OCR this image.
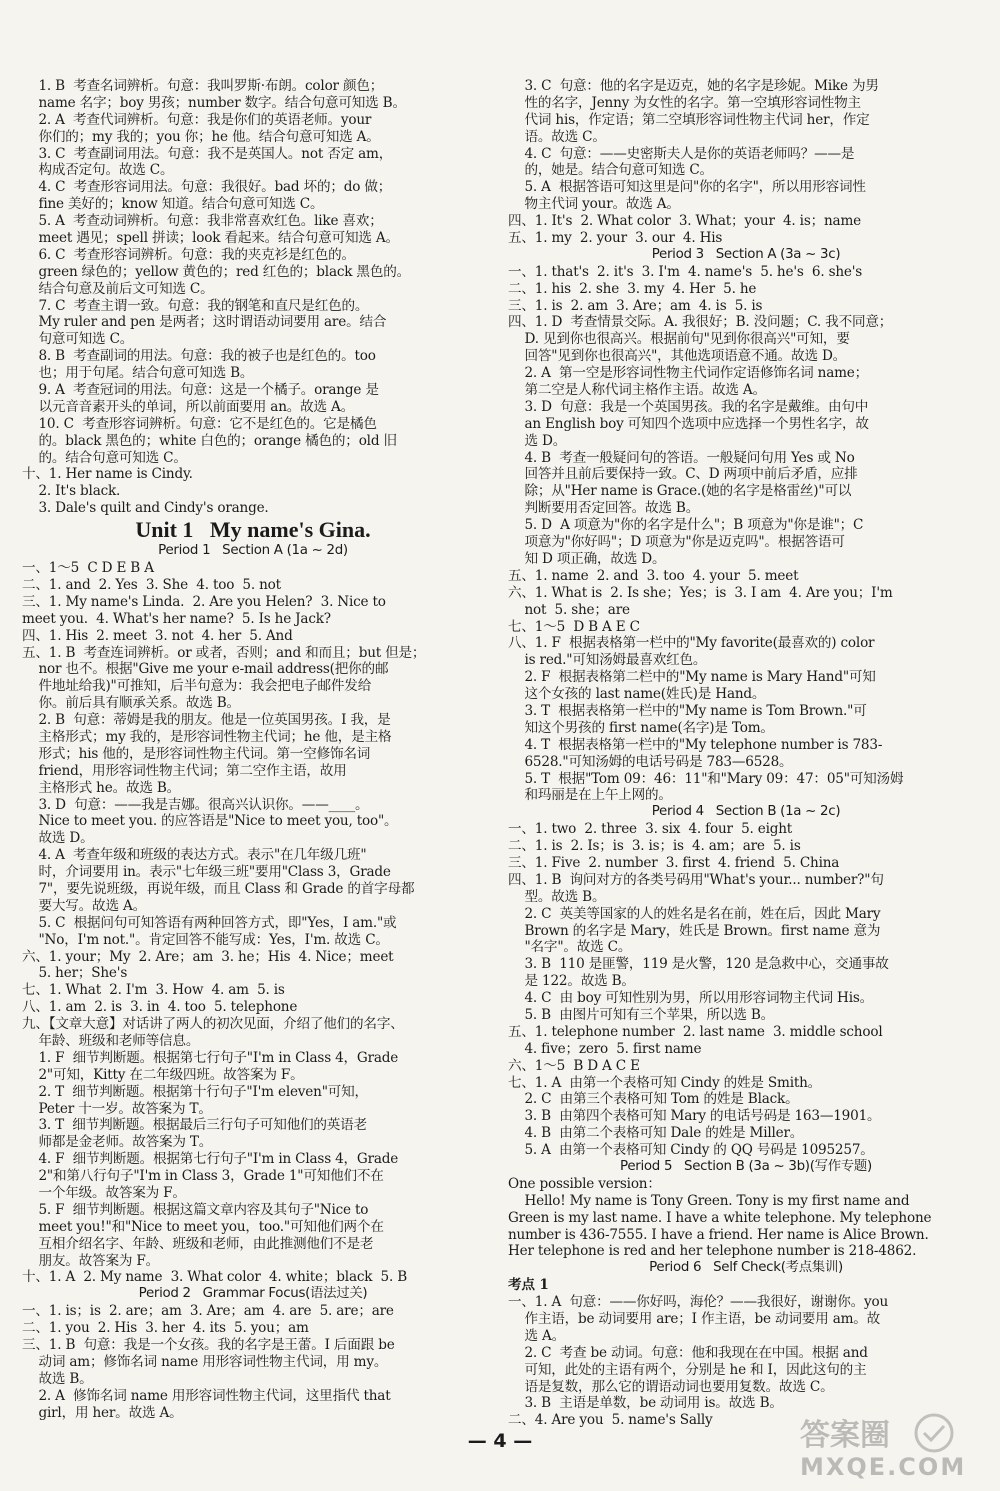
1. B  考查名词辨析。句意：我叫罗斯·布朗。color 颜色；
name 名字；boy 男孩；number 数字。结合句意可知选 B。
2. A  考查代词辨析。句意：我是你们的英语老师。your
你们的；my 我的；you 你；he 他。结合句意可知选 A。
3. C  考查副词用法。句意：我不是英国人。not 否定 am，
构成否定句。故选 C。
4. C  考查形容词用法。句意：我很好。bad 坏的；do 做；
fine 美好的；know 知道。结合句意可知选 C。
5. A  考查动词辨析。句意：我非常喜欢红色。like 喜欢；
meet 遇见；spell 拼读；look 看起来。结合句意可知选 A。
6. C  考查形容词辨析。句意：我的夹克衫是红色的。
green 绿色的；yellow 黄色的；red 红色的；black 黑色的。
结合句意及前后文可知选 C。
7. C  考查主谓一致。句意：我的钢笔和直尺是红色的。
My ruler and pen 是两者；这时谓语动词要用 are。结合
句意可知选 C。
8. B  考查副词的用法。句意：我的被子也是红色的。too
也；用于句尾。结合句意可知选 B。
9. A  考查冠词的用法。句意：这是一个橘子。orange 是
以元音音素开头的单词，所以前面要用 an。故选 A。
10. C  考查形容词辨析。句意：它不是红色的。它是橘色
的。black 黑色的；white 白色的；orange 橘色的；old 旧
的。结合句意可知选 C。
十、1. Her name is Cindy.
2. It's black.
3. Dale's quilt and Cindy's orange.
Unit 1   My name's Gina.
Period 1   Section A (1a ~ 2d)
一、1～5  C D E B A
二、1. and  2. Yes  3. She  4. too  5. not
三、1. My name's Linda.  2. Are you Helen?  3. Nice to
meet you.  4. What's her name?  5. Is he Jack?
四、1. His  2. meet  3. not  4. her  5. And
五、1. B  考查连词辨析。or 或者，否则；and 和而且；but 但是；
nor 也不。根据"Give me your e-mail address(把你的邮
件地址给我)"可推知，后半句意为：我会把电子邮件发给
你。前后具有顺承关系。故选 B。
2. B  句意：蒂姆是我的朋友。他是一位英国男孩。I 我，是
主格形式；my 我的，是形容词性物主代词；he 他，是主格
形式；his 他的，是形容词性物主代词。第一空修饰名词
friend，用形容词性物主代词；第二空作主语，故用
主格形式 he。故选 B。
3. D  句意：——我是吉娜。很高兴认识你。——____。
Nice to meet you. 的应答语是"Nice to meet you, too"。
故选 D。
4. A  考查年级和班级的表达方式。表示"在几年级几班"
时，介词要用 in。表示"七年级三班"要用"Class 3，Grade
7"，要先说班级，再说年级，而且 Class 和 Grade 的首字母都
要大写。故选 A。
5. C  根据问句可知答语有两种回答方式，即"Yes，I am."或
"No，I'm not."。肯定回答不能写成：Yes，I'm. 故选 C。
六、1. your；My  2. Are；am  3. he；His  4. Nice；meet
5. her；She's
七、1. What  2. I'm  3. How  4. am  5. is
八、1. am  2. is  3. in  4. too  5. telephone
九、【文章大意】对话讲了两人的初次见面，介绍了他们的名字、
年龄、班级和老师等信息。
1. F  细节判断题。根据第七行句子"I'm in Class 4，Grade
2"可知，Kitty 在二年级四班。故答案为 F。
2. T  细节判断题。根据第十行句子"I'm eleven"可知，
Peter 十一岁。故答案为 T。
3. T  细节判断题。根据最后三行句子可知他们的英语老
师都是金老师。故答案为 T。
4. F  细节判断题。根据第七行句子"I'm in Class 4，Grade
2"和第八行句子"I'm in Class 3，Grade 1"可知他们不在
一个年级。故答案为 F。
5. F  细节判断题。根据这篇文章内容及其句子"Nice to
meet you!"和"Nice to meet you，too."可知他们两个在
互相介绍名字、年龄、班级和老师，由此推测他们不是老
朋友。故答案为 F。
十、1. A  2. My name  3. What color  4. white；black  5. B
Period 2   Grammar Focus(语法过关)
一、1. is；is  2. are；am  3. Are；am  4. are  5. are；are
二、1. you  2. His  3. her  4. its  5. you；am
三、1. B  句意：我是一个女孩。我的名字是王蕾。I 后面跟 be
动词 am；修饰名词 name 用形容词性物主代词，用 my。
故选 B。
2. A  修饰名词 name 用形容词性物主代词，这里指代 that
girl，用 her。故选 A。
3. C  句意：他的名字是迈克，她的名字是珍妮。Mike 为男
性的名字，Jenny 为女性的名字。第一空填形容词性物主
代词 his，作定语；第二空填形容词性物主代词 her，作定
语。故选 C。
4. C  句意：——史密斯夫人是你的英语老师吗？——是
的，她是。结合句意可知选 C。
5. A  根据答语可知这里是问"你的名字"，所以用形容词性
物主代词 your。故选 A。
四、1. It's  2. What color  3. What；your  4. is；name
五、1. my  2. your  3. our  4. His
Period 3   Section A (3a ~ 3c)
一、1. that's  2. it's  3. I'm  4. name's  5. he's  6. she's
二、1. his  2. she  3. my  4. Her  5. he
三、1. is  2. am  3. Are；am  4. is  5. is
四、1. D  考查情景交际。A. 我很好；B. 没问题；C. 我不同意；
D. 见到你也很高兴。根据前句"见到你很高兴"可知，要
回答"见到你也很高兴"，其他选项语意不通。故选 D。
2. A  第一空是形容词性物主代词作定语修饰名词 name；
第二空是人称代词主格作主语。故选 A。
3. D  句意：我是一个英国男孩。我的名字是戴维。由句中
an English boy 可知四个选项中应选择一个男性名字，故
选 D。
4. B  考查一般疑问句的答语。一般疑问句用 Yes 或 No
回答并且前后要保持一致。C、D 两项中前后矛盾，应排
除；从"Her name is Grace.(她的名字是格雷丝)"可以
判断要用否定回答。故选 B。
5. D  A 项意为"你的名字是什么"；B 项意为"你是谁"；C
项意为"你好吗"；D 项意为"你是迈克吗"。根据答语可
知 D 项正确，故选 D。
五、1. name  2. and  3. too  4. your  5. meet
六、1. What is  2. Is she；Yes；is  3. I am  4. Are you；I'm
not  5. she；are
七、1～5  D B A E C
八、1. F  根据表格第一栏中的"My favorite(最喜欢的) color
is red."可知汤姆最喜欢红色。
2. F  根据表格第二栏中的"My name is Mary Hand"可知
这个女孩的 last name(姓氏)是 Hand。
3. T  根据表格第一栏中的"My name is Tom Brown."可
知这个男孩的 first name(名字)是 Tom。
4. T  根据表格第一栏中的"My telephone number is 783-
6528."可知汤姆的电话号码是 783—6528。
5. T  根据"Tom 09：46：11"和"Mary 09：47：05"可知汤姆
和玛丽是在上午上网的。
Period 4   Section B (1a ~ 2c)
一、1. two  2. three  3. six  4. four  5. eight
二、1. is  2. Is；is  3. is；is  4. am；are  5. is
三、1. Five  2. number  3. first  4. friend  5. China
四、1. B  询问对方的各类号码用"What's your... number?"句
型。故选 B。
2. C  英美等国家的人的姓名是名在前，姓在后，因此 Mary
Brown 的名字是 Mary，姓氏是 Brown。first name 意为
"名字"。故选 C。
3. B  110 是匪警，119 是火警，120 是急救中心，交通事故
是 122。故选 B。
4. C  由 boy 可知性别为男，所以用形容词物主代词 His。
5. B  由图片可知有三个苹果，所以选 B。
五、1. telephone number  2. last name  3. middle school
4. five；zero  5. first name
六、1～5  B D A C E
七、1. A  由第一个表格可知 Cindy 的姓是 Smith。
2. C  由第三个表格可知 Tom 的姓是 Black。
3. B  由第四个表格可知 Mary 的电话号码是 163—1901。
4. B  由第二个表格可知 Dale 的姓是 Miller。
5. A  由第一个表格可知 Cindy 的 QQ 号码是 1095257。
Period 5   Section B (3a ~ 3b)(写作专题)
One possible version：
Hello! My name is Tony Green. Tony is my first name and
Green is my last name. I have a white telephone. My telephone
number is 436-7555. I have a friend. Her name is Alice Brown.
Her telephone is red and her telephone number is 218-4862.
Period 6   Self Check(考点集训)
考点 1
一、1. A  句意：——你好吗，海伦？——我很好，谢谢你。you
作主语，be 动词要用 are；I 作主语，be 动词要用 am。故
选 A。
2. C  考查 be 动词。句意：他和我现在在中国。根据 and
可知，此处的主语有两个，分别是 he 和 I，因此这句的主
语是复数，那么它的谓语动词也要用复数。故选 C。
3. B  主语是单数，be 动词用 is。故选 B。
二、4. Are you  5. name's Sally
— 4 —	答案圈
MXQE.COM
